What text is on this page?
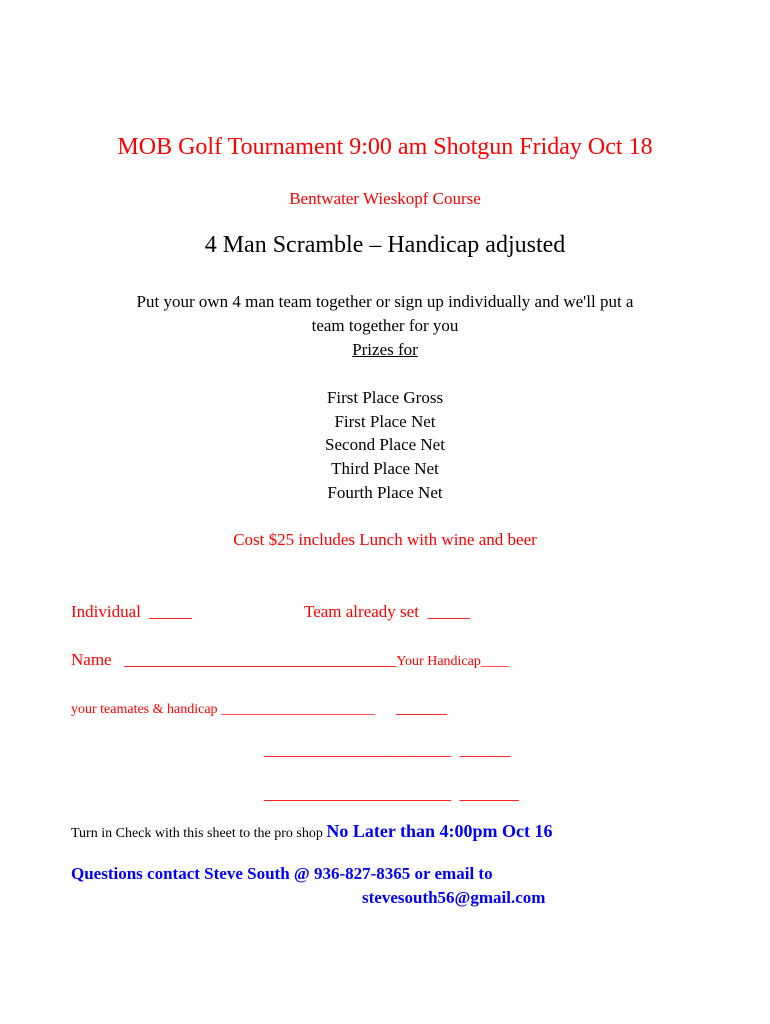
MOB Golf Tournament 9:00 am Shotgun Friday Oct 18
Bentwater Wieskopf Course
4 Man Scramble – Handicap adjusted
Put your own 4 man team together or sign up individually and we'll put a
team together for you
Prizes for
First Place Gross
First Place Net
Second Place Net
Third Place Net
Fourth Place Net
Cost $25 includes Lunch with wine and beer
Individual _____	Team already set _____
Name ________________________________Your Handicap____
your teamates & handicap ______________________ ______
______________________ ______
______________________ _______
Turn in Check with this sheet to the pro shop No Later than 4:00pm Oct 16
Questions contact Steve South @ 936-827-8365 or email to
stevesouth56@gmail.com
